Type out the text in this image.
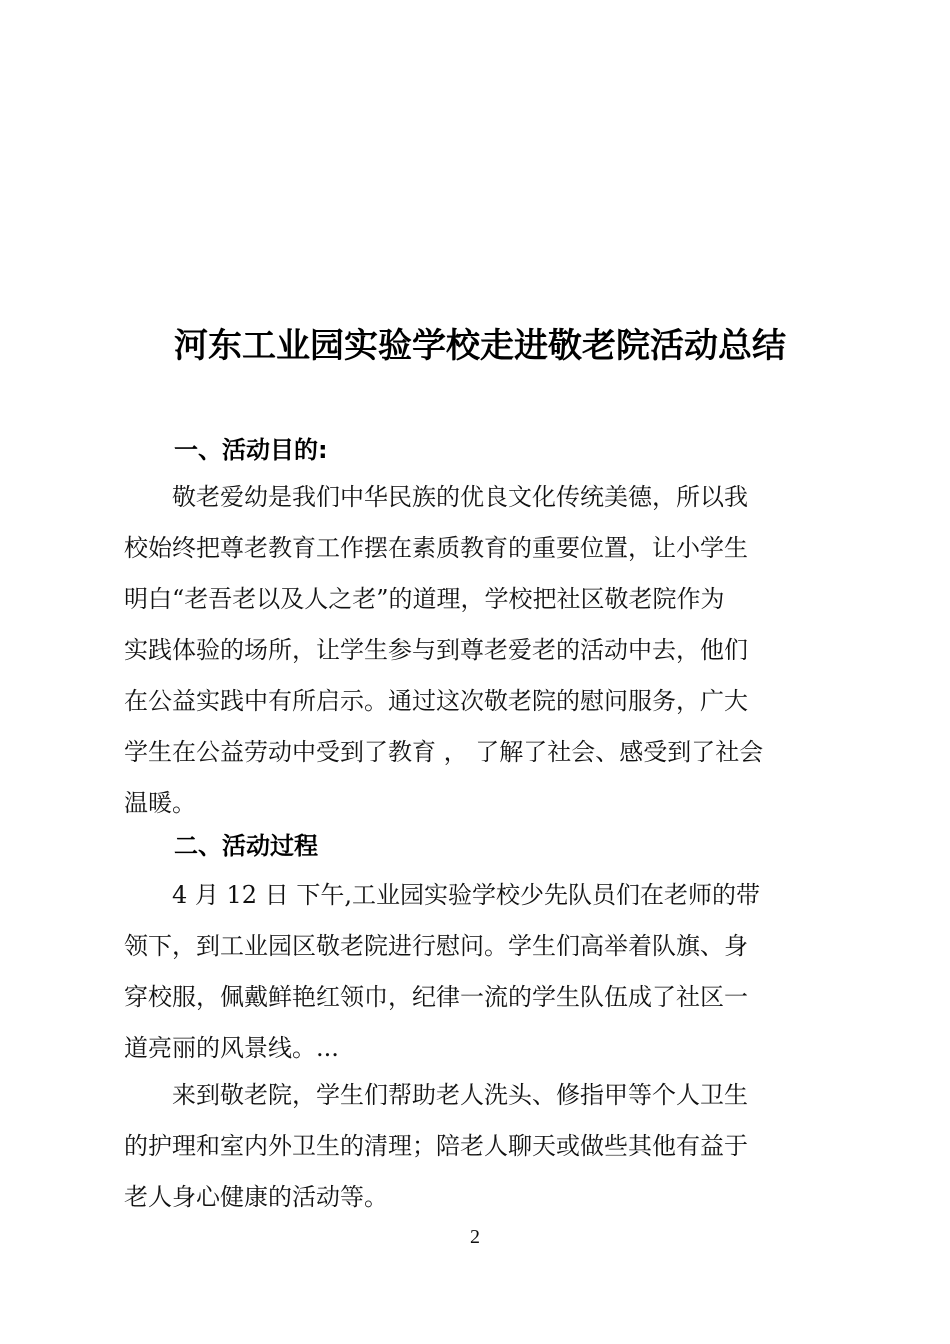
河东工业园实验学校走进敬老院活动总结
一、活动目的:
敬老爱幼是我们中华民族的优良文化传统美德，所以我
校始终把尊老教育工作摆在素质教育的重要位置，让小学生
明白“老吾老以及人之老”的道理，学校把社区敬老院作为
实践体验的场所，让学生参与到尊老爱老的活动中去，他们
在公益实践中有所启示。通过这次敬老院的慰问服务，广大
学生在公益劳动中受到了教育 ， 了解了社会、感受到了社会
温暖。
二、活动过程
4 月 12 日 下午,工业园实验学校少先队员们在老师的带
领下，到工业园区敬老院进行慰问。学生们高举着队旗、身
穿校服，佩戴鲜艳红领巾，纪律一流的学生队伍成了社区一
道亮丽的风景线。...
来到敬老院，学生们帮助老人洗头、修指甲等个人卫生
的护理和室内外卫生的清理；陪老人聊天或做些其他有益于
老人身心健康的活动等。
2
